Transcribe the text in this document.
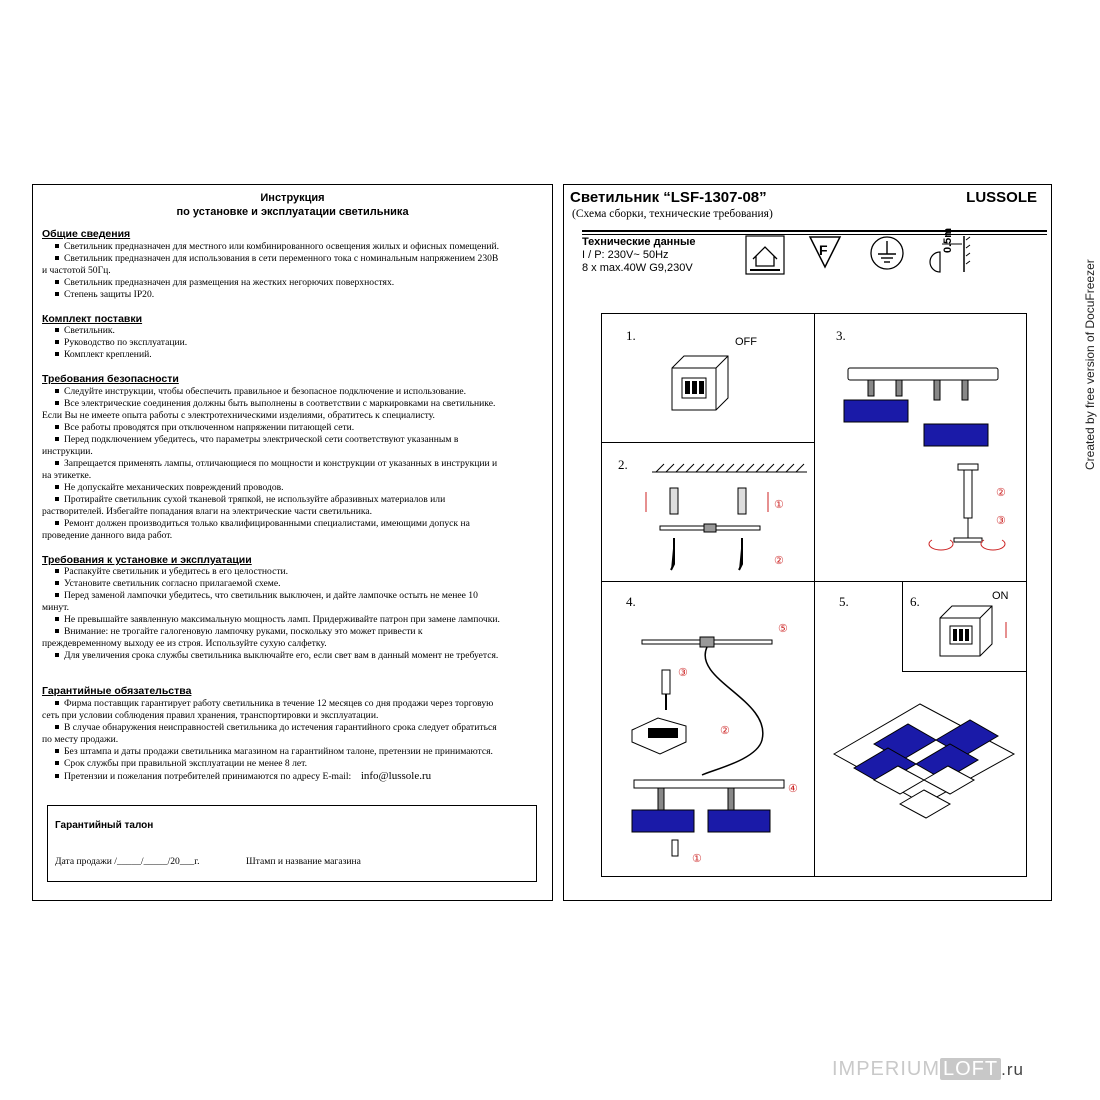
Инструкция
по установке и эксплуатации светильника
Общие сведения
Светильник предназначен для местного или комбинированного освещения жилых и офисных помещений.
Светильник предназначен для использования в сети переменного тока с номинальным напряжением 230В
и частотой 50Гц.
Светильник предназначен для размещения на жестких негорючих поверхностях.
Степень защиты IP20.
Комплект поставки
Светильник.
Руководство по эксплуатации.
Комплект креплений.
Требования безопасности
Следуйте инструкции, чтобы обеспечить правильное и безопасное подключение и использование.
Все электрические соединения должны быть выполнены в соответствии с маркировками на светильнике.
Если Вы не имеете опыта работы с электротехническими изделиями, обратитесь к специалисту.
Все работы проводятся при отключенном напряжении питающей сети.
Перед подключением убедитесь, что параметры электрической сети соответствуют указанным в
инструкции.
Запрещается применять лампы, отличающиеся по мощности и конструкции от указанных в инструкции и
на этикетке.
Не допускайте механических повреждений проводов.
Протирайте светильник сухой тканевой тряпкой, не используйте абразивных материалов или
растворителей. Избегайте попадания влаги на электрические части светильника.
Ремонт должен производиться только квалифицированными специалистами, имеющими допуск на
проведение данного вида работ.
Требования к установке и эксплуатации
Распакуйте светильник и убедитесь в его целостности.
Установите светильник согласно прилагаемой схеме.
Перед заменой лампочки убедитесь, что светильник выключен, и дайте лампочке остыть не менее 10
минут.
Не превышайте заявленную максимальную мощность ламп. Придерживайте патрон при замене лампочки.
Внимание: не трогайте галогеновую лампочку руками, поскольку это может привести к
преждевременному выходу ее из строя. Используйте сухую салфетку.
Для увеличения срока службы светильника выключайте его, если свет вам в данный момент не требуется.
Гарантийные обязательства
Фирма поставщик гарантирует работу светильника в течение 12 месяцев со дня продажи через торговую
сеть при условии соблюдения правил хранения, транспортировки и эксплуатации.
В случае обнаружения неисправностей светильника до истечения гарантийного срока следует обратиться
по месту продажи.
Без штампа и даты продажи светильника магазином на гарантийном талоне, претензии не принимаются.
Срок службы при правильной эксплуатации не менее 8 лет.
Претензии и пожелания потребителей принимаются по адресу E-mail: info@lussole.ru
Гарантийный талон
Дата продажи /_____/_____/20___г.	Штамп и название магазина
Светильник “LSF-1307-08”	LUSSOLE
(Схема сборки, технические требования)
Технические данные
I / P: 230V~ 50Hz
8 x max.40W G9,230V
F	0.5m
1.	OFF
2.
3.
4.	5.	6.	ON
①
②
②
③
⑤
②
③
④
①
Created by free version of DocuFreezer
IMPERIUM LOFT .ru
